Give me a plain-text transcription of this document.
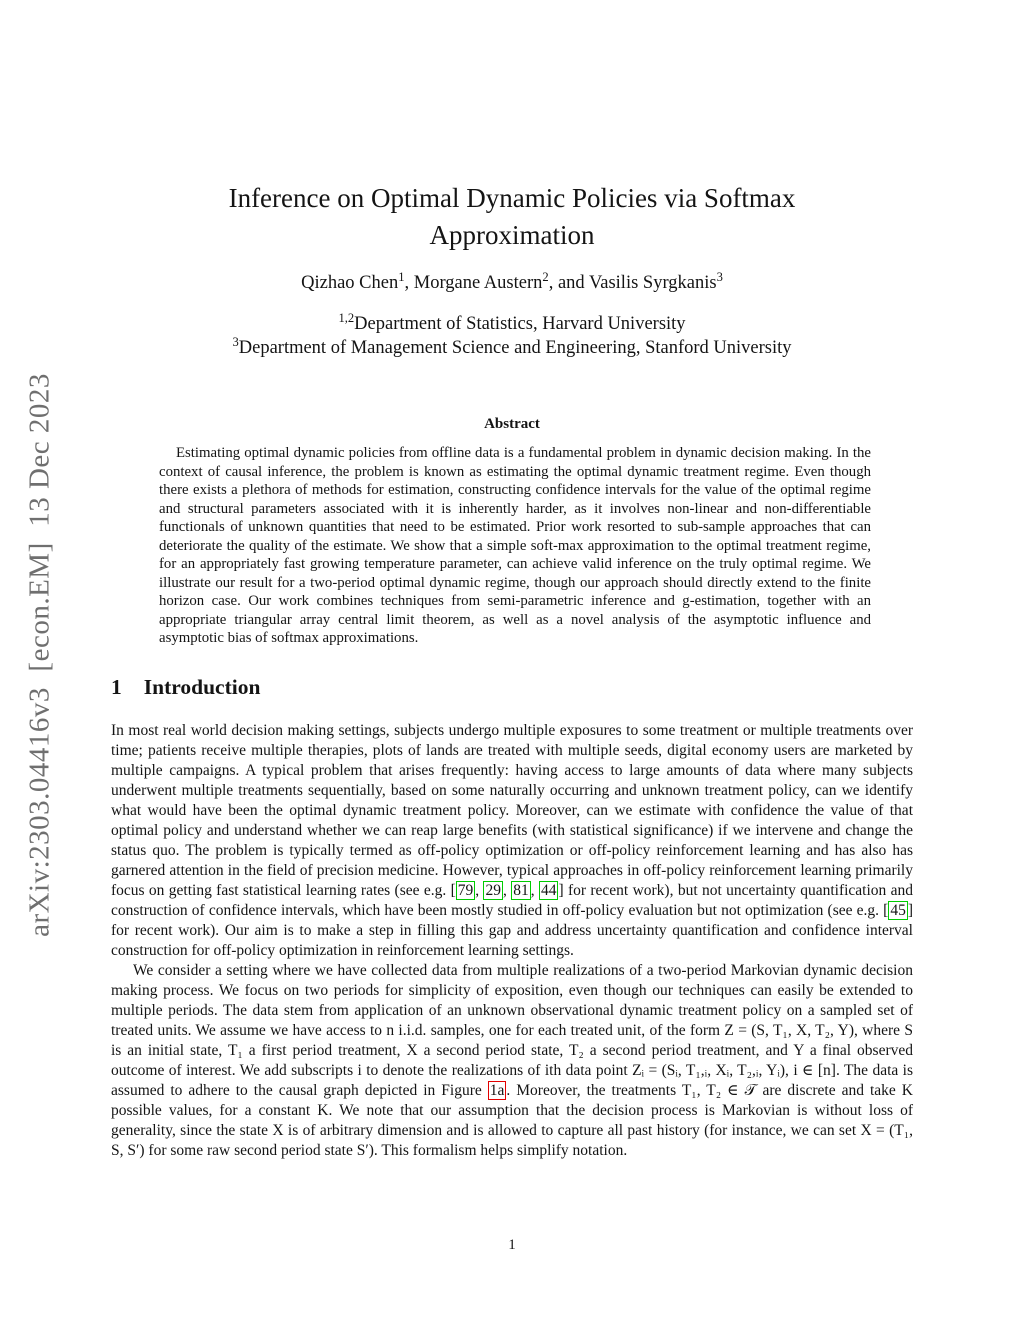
arXiv:2303.04416v3  [econ.EM]  13 Dec 2023
Inference on Optimal Dynamic Policies via Softmax Approximation
Qizhao Chen$^1$, Morgane Austern$^2$, and Vasilis Syrgkanis$^3$
$^{1,2}$Department of Statistics, Harvard University
$^3$Department of Management Science and Engineering, Stanford University
Abstract
Estimating optimal dynamic policies from offline data is a fundamental problem in dynamic decision making. In the context of causal inference, the problem is known as estimating the optimal dynamic treatment regime. Even though there exists a plethora of methods for estimation, constructing confidence intervals for the value of the optimal regime and structural parameters associated with it is inherently harder, as it involves non-linear and non-differentiable functionals of unknown quantities that need to be estimated. Prior work resorted to sub-sample approaches that can deteriorate the quality of the estimate. We show that a simple soft-max approximation to the optimal treatment regime, for an appropriately fast growing temperature parameter, can achieve valid inference on the truly optimal regime. We illustrate our result for a two-period optimal dynamic regime, though our approach should directly extend to the finite horizon case. Our work combines techniques from semi-parametric inference and g-estimation, together with an appropriate triangular array central limit theorem, as well as a novel analysis of the asymptotic influence and asymptotic bias of softmax approximations.
1 Introduction

In most real world decision making settings, subjects undergo multiple exposures to some treatment or multiple treatments over time; patients receive multiple therapies, plots of lands are treated with multiple seeds, digital economy users are marketed by multiple campaigns. A typical problem that arises frequently: having access to large amounts of data where many subjects underwent multiple treatments sequentially, based on some naturally occurring and unknown treatment policy, can we identify what would have been the optimal dynamic treatment policy. Moreover, can we estimate with confidence the value of that optimal policy and understand whether we can reap large benefits (with statistical significance) if we intervene and change the status quo. The problem is typically termed as off-policy optimization or off-policy reinforcement learning and has also has garnered attention in the field of precision medicine. However, typical approaches in off-policy reinforcement learning primarily focus on getting fast statistical learning rates (see e.g. [ 79 , 29 , 81 , 44 ] for recent work), but not uncertainty quantification and construction of confidence intervals, which have been mostly studied in off-policy evaluation but not optimization (see e.g. [ 45 ] for recent work). Our aim is to make a step in filling this gap and address uncertainty quantification and confidence interval construction for off-policy optimization in reinforcement learning settings.

We consider a setting where we have collected data from multiple realizations of a two-period Markovian dynamic decision making process. We focus on two periods for simplicity of exposition, even though our techniques can easily be extended to multiple periods. The data stem from application of an unknown observational dynamic treatment policy on a sampled set of treated units. We assume we have access to n i.i.d. samples, one for each treated unit, of the form Z = (S, T₁, X, T₂, Y), where S is an initial state, T₁ a first period treatment, X a second period state, T₂ a second period treatment, and Y a final observed outcome of interest. We add subscripts i to denote the realizations of ith data point Zᵢ = (Sᵢ, T₁,ᵢ, Xᵢ, T₂,ᵢ, Yᵢ), i ∈ [n]. The data is assumed to adhere to the causal graph depicted in Figure 1a . Moreover, the treatments T₁, T₂ ∈ 𝒯 are discrete and take K possible values, for a constant K. We note that our assumption that the decision process is Markovian is without loss of generality, since the state X is of arbitrary dimension and is allowed to capture all past history (for instance, we can set X = (T₁, S, S′) for some raw second period state S′). This formalism helps simplify notation.

1
